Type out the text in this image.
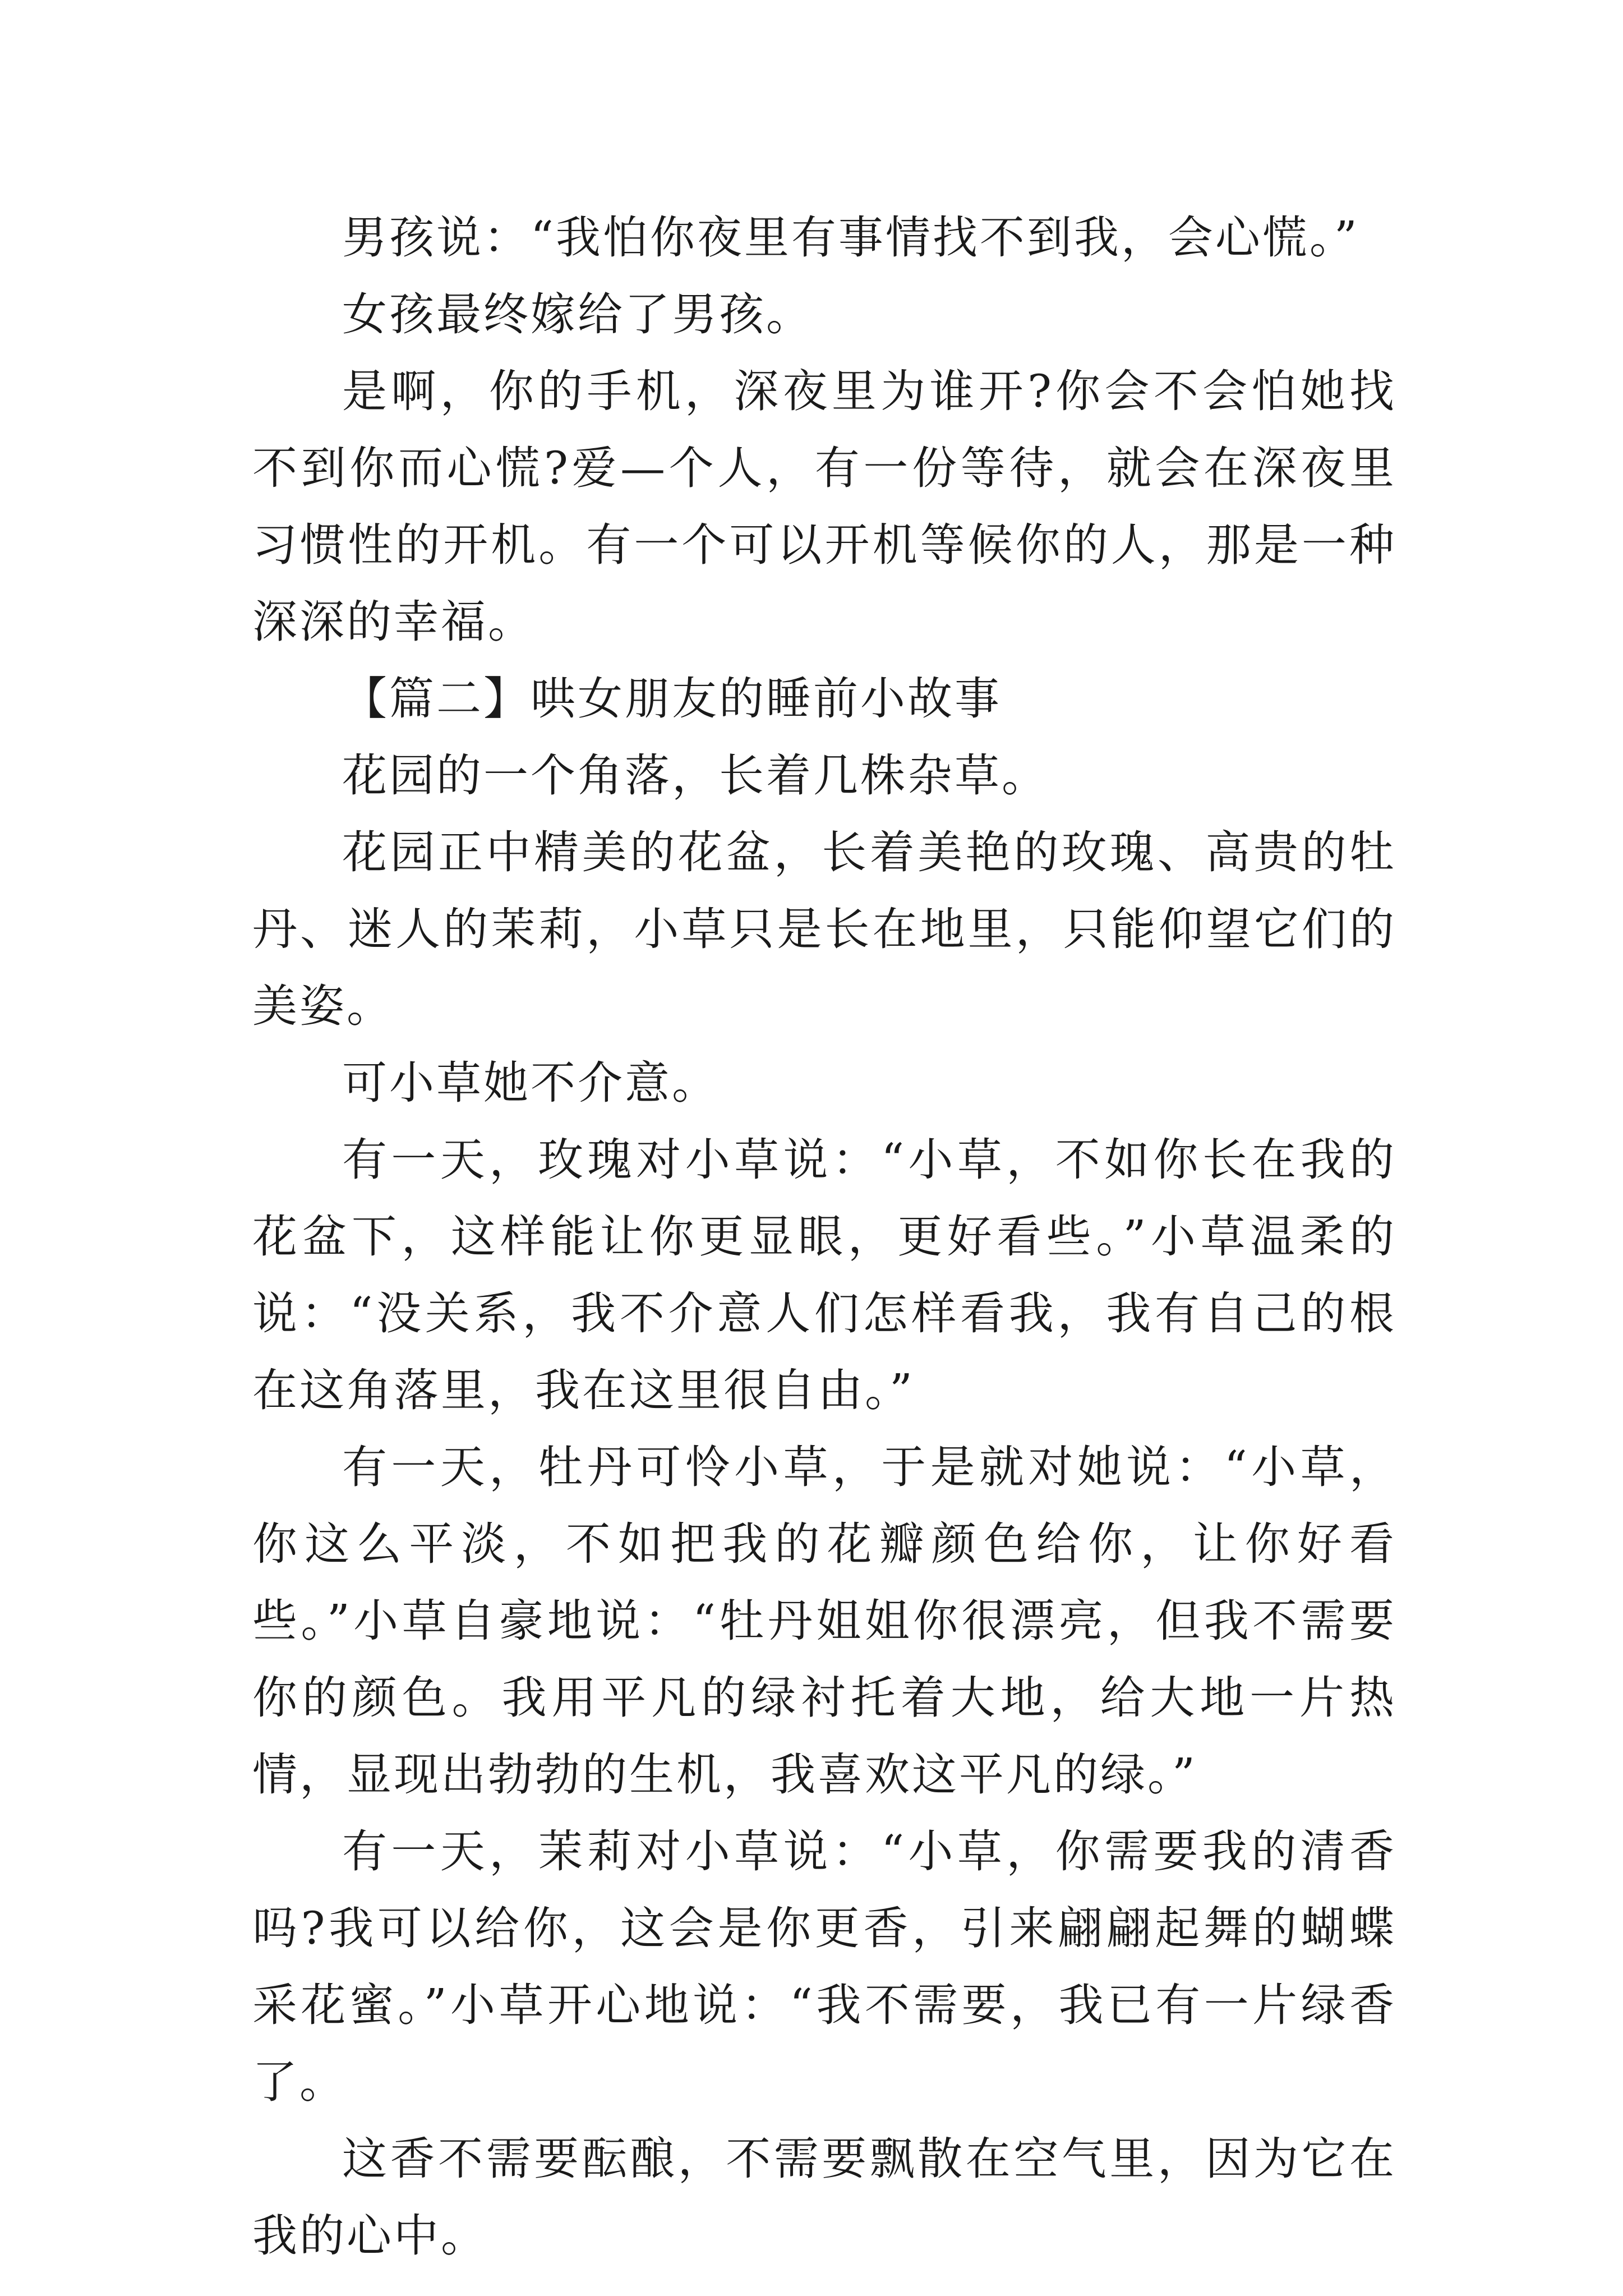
男孩说：“我怕你夜里有事情找不到我，会心慌。”

女孩最终嫁给了男孩。

是啊，你的手机，深夜里为谁开?你会不会怕她找不到你而心慌?爱—个人，有一份等待，就会在深夜里习惯性的开机。有一个可以开机等候你的人，那是一种深深的幸福。

【篇二】哄女朋友的睡前小故事

花园的一个角落，长着几株杂草。

花园正中精美的花盆，长着美艳的玫瑰、高贵的牡丹、迷人的茉莉，小草只是长在地里，只能仰望它们的美姿。

可小草她不介意。

有一天，玫瑰对小草说：“小草，不如你长在我的花盆下，这样能让你更显眼，更好看些。”小草温柔的说：“没关系，我不介意人们怎样看我，我有自己的根在这角落里，我在这里很自由。”

有一天，牡丹可怜小草，于是就对她说：“小草，你这么平淡，不如把我的花瓣颜色给你，让你好看些。”小草自豪地说：“牡丹姐姐你很漂亮，但我不需要你的颜色。我用平凡的绿衬托着大地，给大地一片热情，显现出勃勃的生机，我喜欢这平凡的绿。”

有一天，茉莉对小草说：“小草，你需要我的清香吗?我可以给你，这会是你更香，引来翩翩起舞的蝴蝶采花蜜。”小草开心地说：“我不需要，我已有一片绿香了。

这香不需要酝酿，不需要飘散在空气里，因为它在我的心中。
